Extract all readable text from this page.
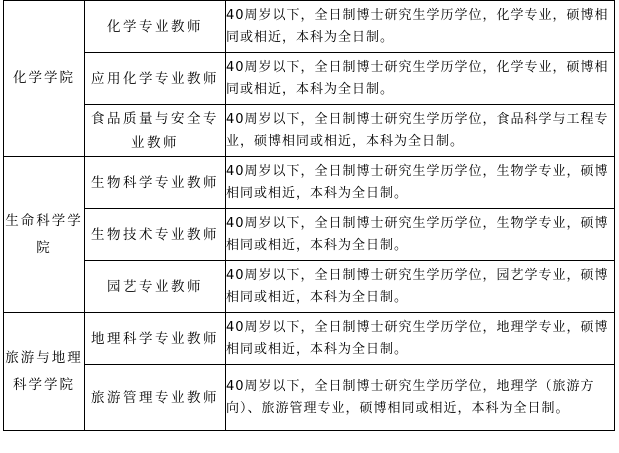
化学学院	化学专业教师	40周岁以下，全日制博士研究生学历学位，化学专业，硕博相同或相近，本科为全日制。
	应用化学专业教师	40周岁以下，全日制博士研究生学历学位，化学专业，硕博相同或相近，本科为全日制。
	食品质量与安全专业教师	40周岁以下，全日制博士研究生学历学位，食品科学与工程专业，硕博相同或相近，本科为全日制。
生命科学学院	生物科学专业教师	40周岁以下，全日制博士研究生学历学位，生物学专业，硕博相同或相近，本科为全日制。
	生物技术专业教师	40周岁以下，全日制博士研究生学历学位，生物学专业，硕博相同或相近，本科为全日制。
	园艺专业教师	40周岁以下，全日制博士研究生学历学位，园艺学专业，硕博相同或相近，本科为全日制。
旅游与地理科学学院	地理科学专业教师	40周岁以下，全日制博士研究生学历学位，地理学专业，硕博相同或相近，本科为全日制。
	旅游管理专业教师	40周岁以下，全日制博士研究生学历学位，地理学（旅游方向）、旅游管理专业，硕博相同或相近，本科为全日制。
